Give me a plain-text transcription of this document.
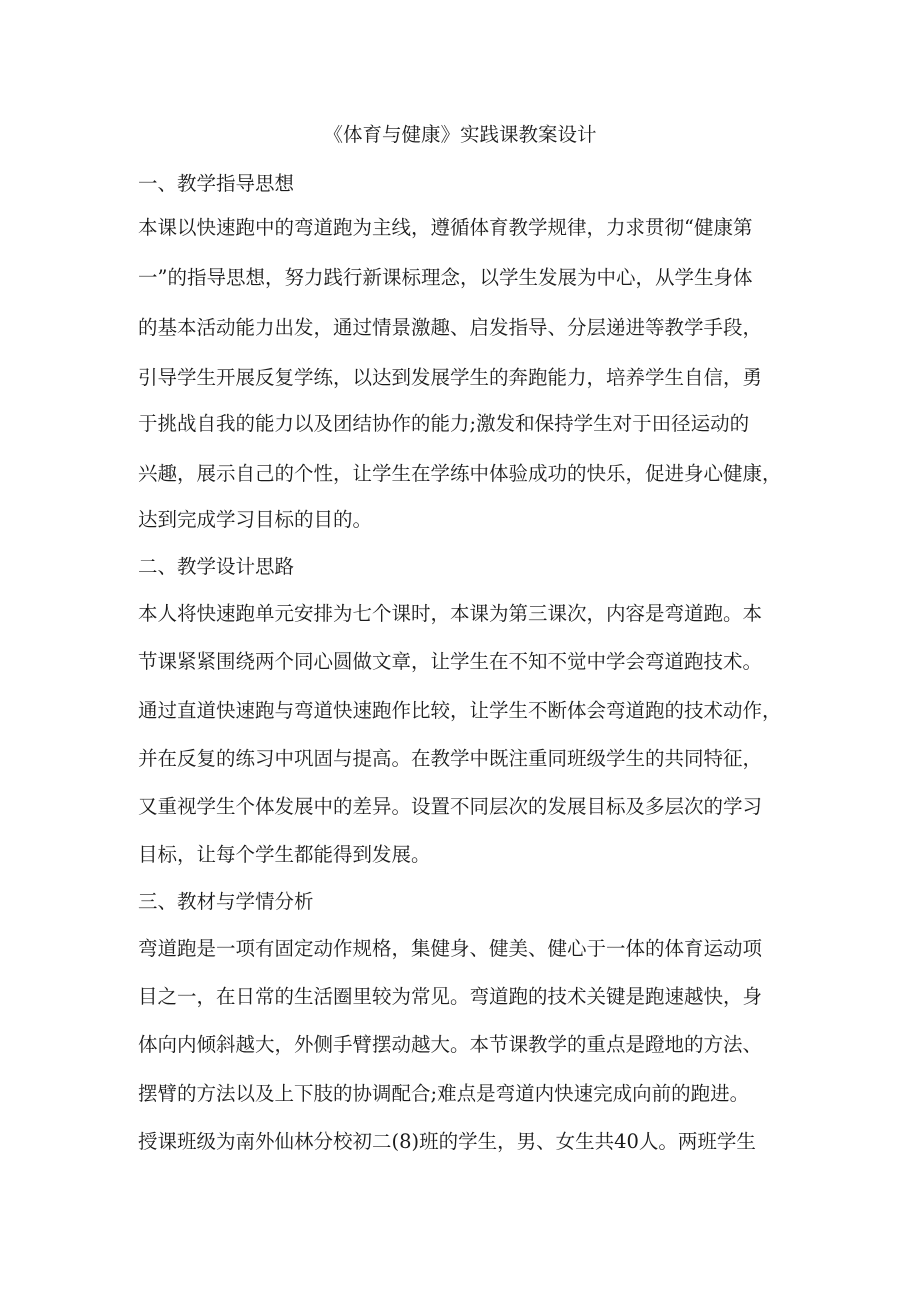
《体育与健康》实践课教案设计
一、教学指导思想
本课以快速跑中的弯道跑为主线，遵循体育教学规律，力求贯彻“健康第
一”的指导思想，努力践行新课标理念，以学生发展为中心，从学生身体
的基本活动能力出发，通过情景激趣、启发指导、分层递进等教学手段，
引导学生开展反复学练，以达到发展学生的奔跑能力，培养学生自信，勇
于挑战自我的能力以及团结协作的能力;激发和保持学生对于田径运动的
兴趣，展示自己的个性，让学生在学练中体验成功的快乐，促进身心健康，
达到完成学习目标的目的。
二、教学设计思路
本人将快速跑单元安排为七个课时，本课为第三课次，内容是弯道跑。本
节课紧紧围绕两个同心圆做文章，让学生在不知不觉中学会弯道跑技术。
通过直道快速跑与弯道快速跑作比较，让学生不断体会弯道跑的技术动作，
并在反复的练习中巩固与提高。在教学中既注重同班级学生的共同特征，
又重视学生个体发展中的差异。设置不同层次的发展目标及多层次的学习
目标，让每个学生都能得到发展。
三、教材与学情分析
弯道跑是一项有固定动作规格，集健身、健美、健心于一体的体育运动项
目之一，在日常的生活圈里较为常见。弯道跑的技术关键是跑速越快，身
体向内倾斜越大，外侧手臂摆动越大。本节课教学的重点是蹬地的方法、
摆臂的方法以及上下肢的协调配合;难点是弯道内快速完成向前的跑进。
授课班级为南外仙林分校初二(8)班的学生，男、女生共40人。两班学生
